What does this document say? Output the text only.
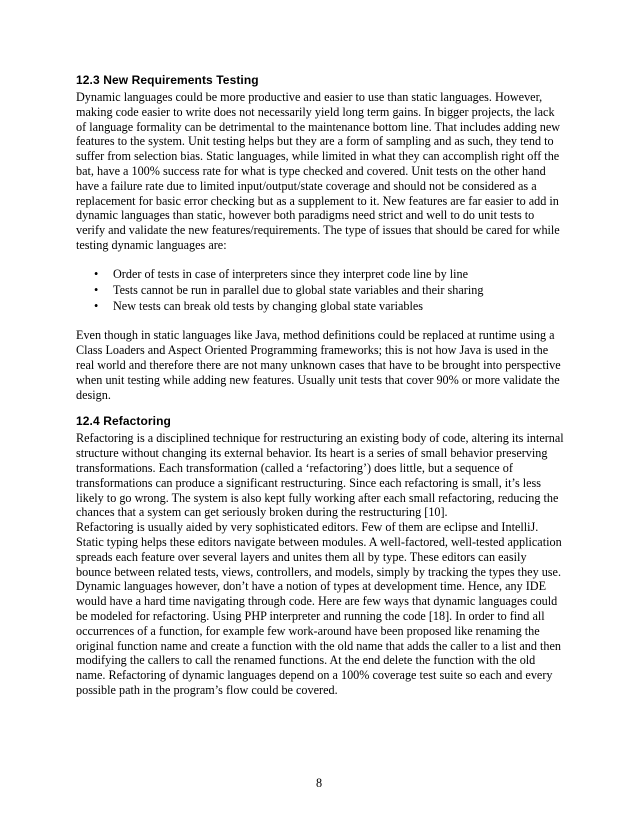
12.3 New Requirements Testing

Dynamic languages could be more productive and easier to use than static languages. However, making code easier to write does not necessarily yield long term gains. In bigger projects, the lack of language formality can be detrimental to the maintenance bottom line. That includes adding new features to the system. Unit testing helps but they are a form of sampling and as such, they tend to suffer from selection bias. Static languages, while limited in what they can accomplish right off the bat, have a 100% success rate for what is type checked and covered. Unit tests on the other hand have a failure rate due to limited input/output/state coverage and should not be considered as a replacement for basic error checking but as a supplement to it. New features are far easier to add in dynamic languages than static, however both paradigms need strict and well to do unit tests to verify and validate the new features/requirements. The type of issues that should be cared for while testing dynamic languages are:

• Order of tests in case of interpreters since they interpret code line by line
• Tests cannot be run in parallel due to global state variables and their sharing
• New tests can break old tests by changing global state variables

Even though in static languages like Java, method definitions could be replaced at runtime using a Class Loaders and Aspect Oriented Programming frameworks; this is not how Java is used in the real world and therefore there are not many unknown cases that have to be brought into perspective when unit testing while adding new features. Usually unit tests that cover 90% or more validate the design.

12.4 Refactoring

Refactoring is a disciplined technique for restructuring an existing body of code, altering its internal structure without changing its external behavior. Its heart is a series of small behavior preserving transformations. Each transformation (called a ‘refactoring’) does little, but a sequence of transformations can produce a significant restructuring. Since each refactoring is small, it’s less likely to go wrong. The system is also kept fully working after each small refactoring, reducing the chances that a system can get seriously broken during the restructuring [10].

Refactoring is usually aided by very sophisticated editors. Few of them are eclipse and IntelliJ. Static typing helps these editors navigate between modules. A well-factored, well-tested application spreads each feature over several layers and unites them all by type. These editors can easily bounce between related tests, views, controllers, and models, simply by tracking the types they use. Dynamic languages however, don’t have a notion of types at development time. Hence, any IDE would have a hard time navigating through code. Here are few ways that dynamic languages could be modeled for refactoring. Using PHP interpreter and running the code [18]. In order to find all occurrences of a function, for example few work-around have been proposed like renaming the original function name and create a function with the old name that adds the caller to a list and then modifying the callers to call the renamed functions. At the end delete the function with the old name. Refactoring of dynamic languages depend on a 100% coverage test suite so each and every possible path in the program’s flow could be covered.

8
